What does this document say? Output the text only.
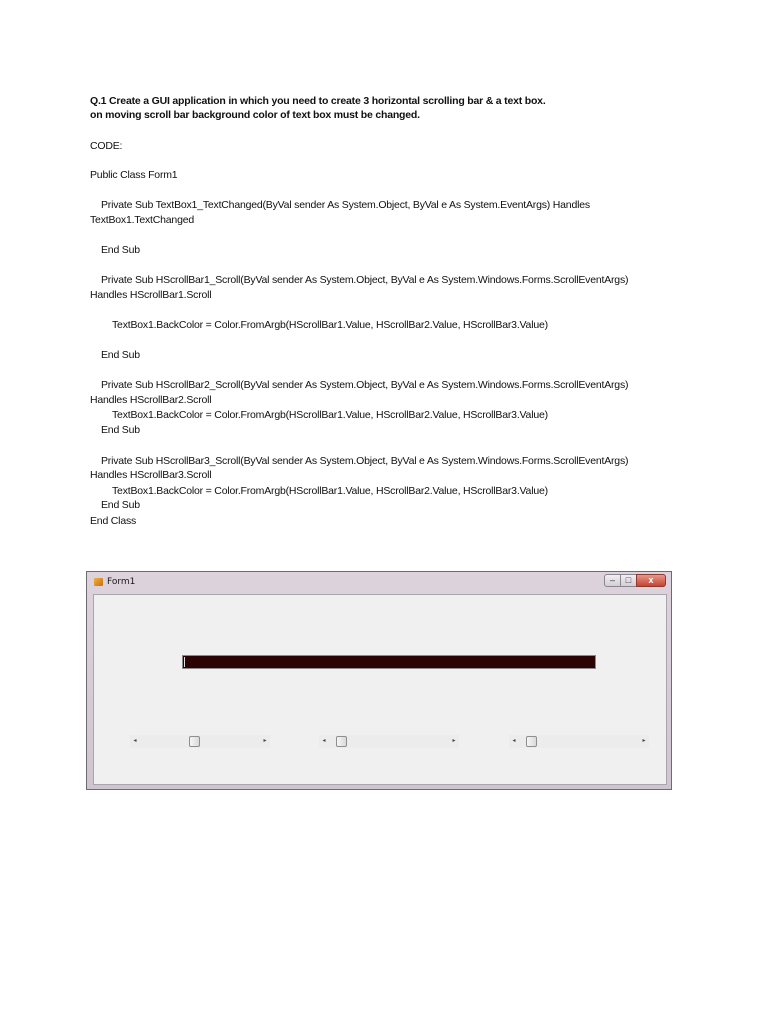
Q.1 Create a GUI application in which you need to create 3 horizontal scrolling bar & a text box.
on moving scroll bar background color of text box must be changed.
CODE:
Public Class Form1
Private Sub TextBox1_TextChanged(ByVal sender As System.Object, ByVal e As System.EventArgs) Handles
TextBox1.TextChanged
End Sub
Private Sub HScrollBar1_Scroll(ByVal sender As System.Object, ByVal e As System.Windows.Forms.ScrollEventArgs)
Handles HScrollBar1.Scroll
TextBox1.BackColor = Color.FromArgb(HScrollBar1.Value, HScrollBar2.Value, HScrollBar3.Value)
End Sub
Private Sub HScrollBar2_Scroll(ByVal sender As System.Object, ByVal e As System.Windows.Forms.ScrollEventArgs)
Handles HScrollBar2.Scroll
TextBox1.BackColor = Color.FromArgb(HScrollBar1.Value, HScrollBar2.Value, HScrollBar3.Value)
End Sub
Private Sub HScrollBar3_Scroll(ByVal sender As System.Object, ByVal e As System.Windows.Forms.ScrollEventArgs)
Handles HScrollBar3.Scroll
TextBox1.BackColor = Color.FromArgb(HScrollBar1.Value, HScrollBar2.Value, HScrollBar3.Value)
End Sub
End Class
Form1	–	□	x
◂	▸	◂	▸	◂	▸
